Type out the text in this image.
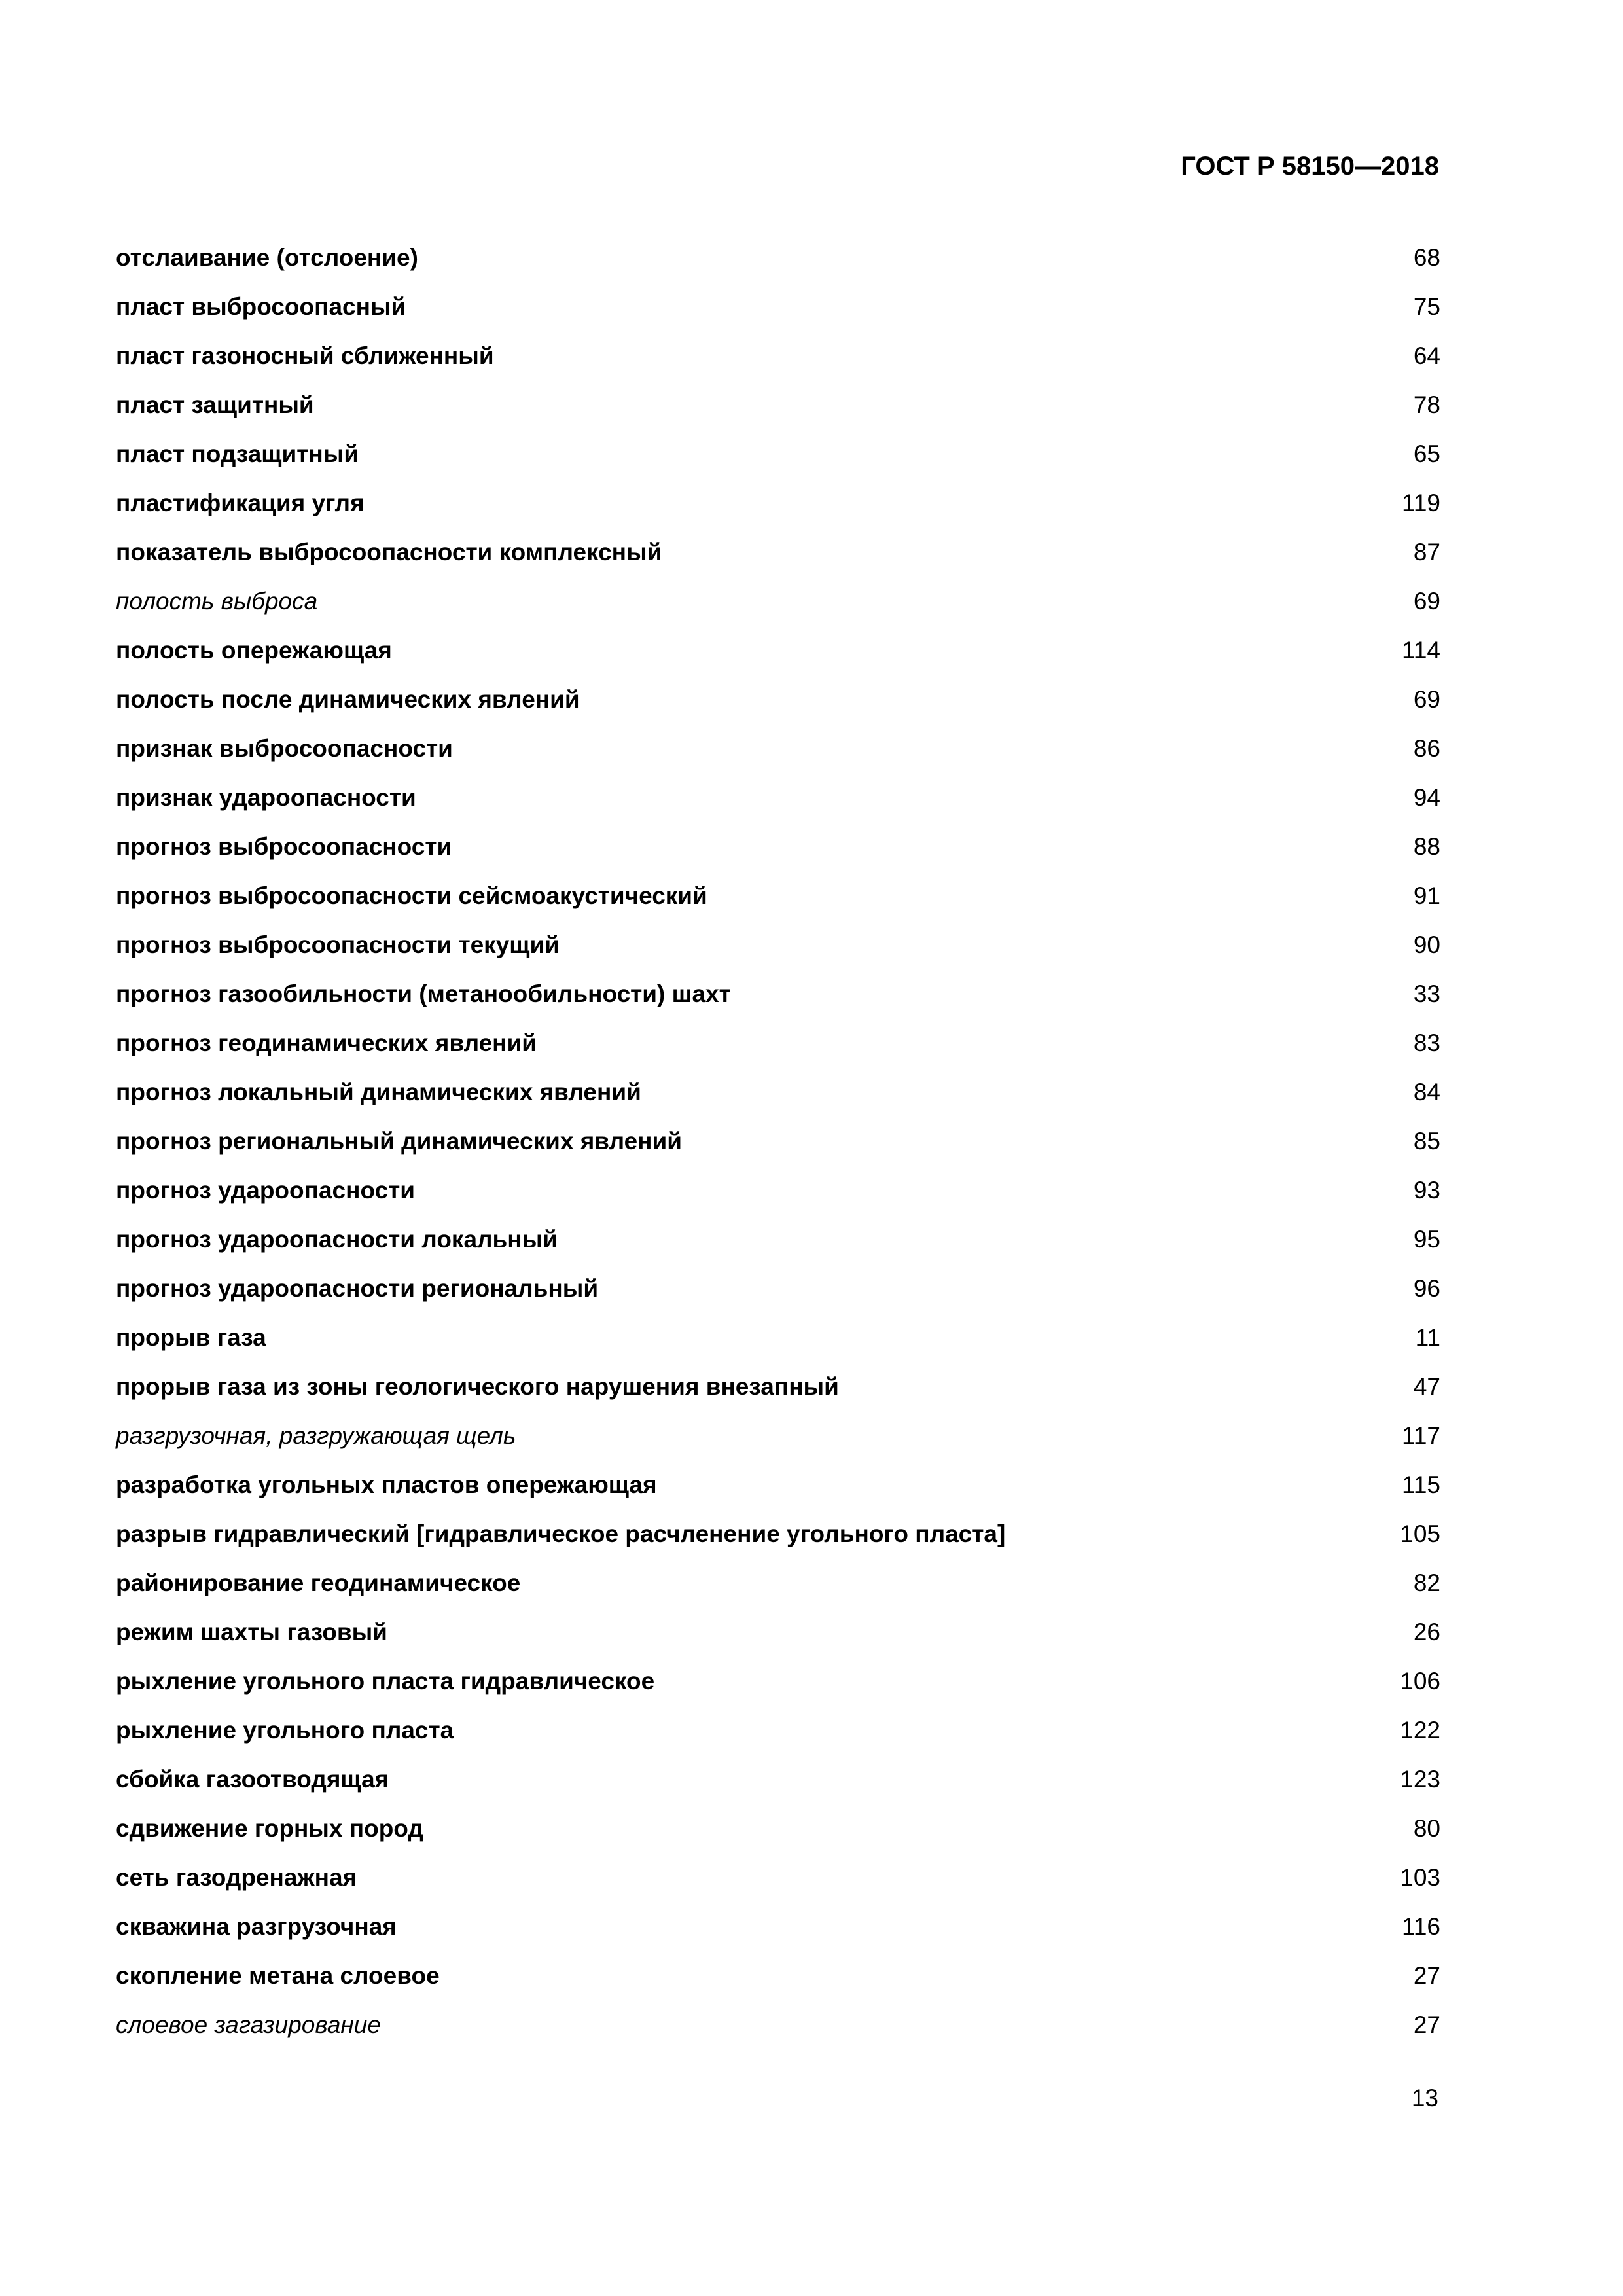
ГОСТ Р 58150—2018
отслаивание (отслоение)	68
пласт выбросоопасный	75
пласт газоносный сближенный	64
пласт защитный	78
пласт подзащитный	65
пластификация угля	119
показатель выбросоопасности комплексный	87
полость выброса	69
полость опережающая	114
полость после динамических явлений	69
признак выбросоопасности	86
признак удароопасности	94
прогноз выбросоопасности	88
прогноз выбросоопасности сейсмоакустический	91
прогноз выбросоопасности текущий	90
прогноз газообильности (метанообильности) шахт	33
прогноз геодинамических явлений	83
прогноз локальный динамических явлений	84
прогноз региональный динамических явлений	85
прогноз удароопасности	93
прогноз удароопасности локальный	95
прогноз удароопасности региональный	96
прорыв газа	11
прорыв газа из зоны геологического нарушения внезапный	47
разгрузочная, разгружающая щель	117
разработка угольных пластов опережающая	115
разрыв гидравлический [гидравлическое расчленение угольного пласта]	105
районирование геодинамическое	82
режим шахты газовый	26
рыхление угольного пласта гидравлическое	106
рыхление угольного пласта	122
сбойка газоотводящая	123
сдвижение горных пород	80
сеть газодренажная	103
скважина разгрузочная	116
скопление метана слоевое	27
слоевое загазирование	27
13
